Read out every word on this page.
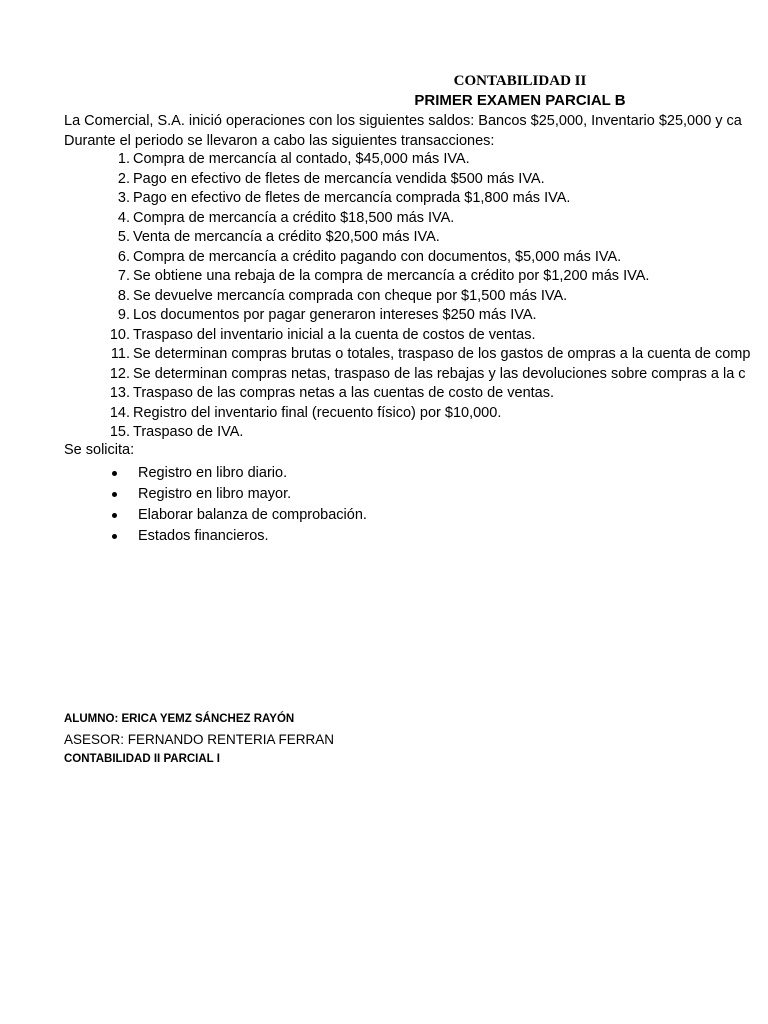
CONTABILIDAD II
PRIMER EXAMEN PARCIAL B
La Comercial, S.A. inició operaciones con los siguientes saldos: Bancos $25,000, Inventario $25,000 y ca
Durante el periodo se llevaron a cabo las siguientes transacciones:
1. Compra de mercancía al contado, $45,000 más IVA.
2. Pago en efectivo de fletes de mercancía vendida $500 más IVA.
3. Pago en efectivo de fletes de mercancía comprada $1,800 más IVA.
4. Compra de mercancía a crédito $18,500 más IVA.
5. Venta de mercancía a crédito $20,500 más IVA.
6. Compra de mercancía a crédito pagando con documentos, $5,000 más IVA.
7. Se obtiene una rebaja de la compra de mercancía a crédito por $1,200 más IVA.
8. Se devuelve mercancía comprada con cheque por $1,500 más IVA.
9. Los documentos por pagar generaron intereses $250 más IVA.
10. Traspaso del inventario inicial a la cuenta de costos de ventas.
11. Se determinan compras brutas o totales, traspaso de los gastos de ompras a la cuenta de comp
12. Se determinan compras netas, traspaso de las rebajas y las devoluciones sobre compras a la c
13. Traspaso de las compras netas a las cuentas de costo de ventas.
14. Registro del inventario final (recuento físico) por $10,000.
15. Traspaso de IVA.
Se solicita:
Registro en libro diario.
Registro en libro mayor.
Elaborar balanza de comprobación.
Estados financieros.
ALUMNO: ERICA YEMZ SÁNCHEZ RAYÓN
ASESOR: FERNANDO RENTERIA FERRAN
CONTABILIDAD II PARCIAL I
